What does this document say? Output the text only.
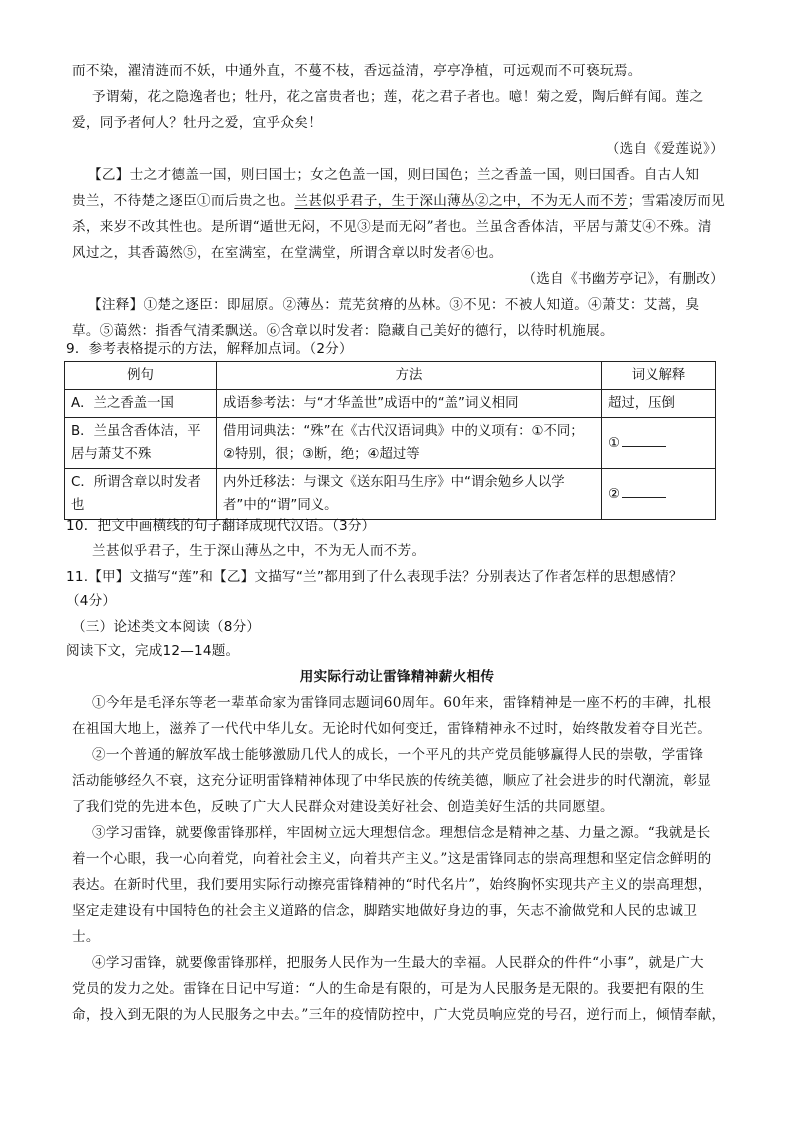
而不染，濯清涟而不妖，中通外直，不蔓不枝，香远益清，亭亭净植，可远观而不可亵玩焉。
予谓菊，花之隐逸者也；牡丹，花之富贵者也；莲，花之君子者也。噫！菊之爱，陶后鲜有闻。莲之
爱，同予者何人？牡丹之爱，宜乎众矣！
（选自《爱莲说》）
【乙】士之才德盖一国，则曰国士；女之色盖一国，则曰国色；兰之香盖一国，则曰国香。自古人知
贵兰，不待楚之逐臣①而后贵之也。兰甚似乎君子，生于深山薄丛②之中，不为无人而不芳；雪霜凌厉而见
杀，来岁不改其性也。是所谓“遁世无闷，不见③是而无闷”者也。兰虽含香体洁，平居与萧艾④不殊。清
风过之，其香蔼然⑤，在室满室，在堂满堂，所谓含章以时发者⑥也。
（选自《书幽芳亭记》，有删改）
【注释】①楚之逐臣：即屈原。②薄丛：荒芜贫瘠的丛林。③不见：不被人知道。④萧艾：艾蒿，臭
草。⑤蔼然：指香气清柔飘送。⑥含章以时发者：隐藏自己美好的德行，以待时机施展。
9．参考表格提示的方法，解释加点词。（2分）
例句	方法	词义解释
A．兰之香盖一国	成语参考法：与“才华盖世”成语中的“盖”词义相同	超过，压倒
B．兰虽含香体洁，平居与萧艾不殊	借用词典法：“殊”在《古代汉语词典》中的义项有：①不同；②特别，很；③断，绝；④超过等	①
C．所谓含章以时发者也	内外迁移法：与课文《送东阳马生序》中“谓余勉乡人以学者”中的“谓”同义。	②
10．把文中画横线的句子翻译成现代汉语。（3分）
兰甚似乎君子，生于深山薄丛之中，不为无人而不芳。
11.【甲】文描写“莲”和【乙】文描写“兰”都用到了什么表现手法？分别表达了作者怎样的思想感情？
（4分）
（三）论述类文本阅读（8分）
阅读下文，完成12—14题。
用实际行动让雷锋精神薪火相传
①今年是毛泽东等老一辈革命家为雷锋同志题词60周年。60年来，雷锋精神是一座不朽的丰碑，扎根
在祖国大地上，滋养了一代代中华儿女。无论时代如何变迁，雷锋精神永不过时，始终散发着夺目光芒。
②一个普通的解放军战士能够激励几代人的成长，一个平凡的共产党员能够赢得人民的崇敬，学雷锋
活动能够经久不衰，这充分证明雷锋精神体现了中华民族的传统美德，顺应了社会进步的时代潮流，彰显
了我们党的先进本色，反映了广大人民群众对建设美好社会、创造美好生活的共同愿望。
③学习雷锋，就要像雷锋那样，牢固树立远大理想信念。理想信念是精神之基、力量之源。“我就是长
着一个心眼，我一心向着党，向着社会主义，向着共产主义。”这是雷锋同志的崇高理想和坚定信念鲜明的
表达。在新时代里，我们要用实际行动擦亮雷锋精神的“时代名片”，始终胸怀实现共产主义的崇高理想，
坚定走建设有中国特色的社会主义道路的信念，脚踏实地做好身边的事，矢志不渝做党和人民的忠诚卫
士。
④学习雷锋，就要像雷锋那样，把服务人民作为一生最大的幸福。人民群众的件件“小事”，就是广大
党员的发力之处。雷锋在日记中写道：“人的生命是有限的，可是为人民服务是无限的。我要把有限的生
命，投入到无限的为人民服务之中去。”三年的疫情防控中，广大党员响应党的号召，逆行而上，倾情奉献，
